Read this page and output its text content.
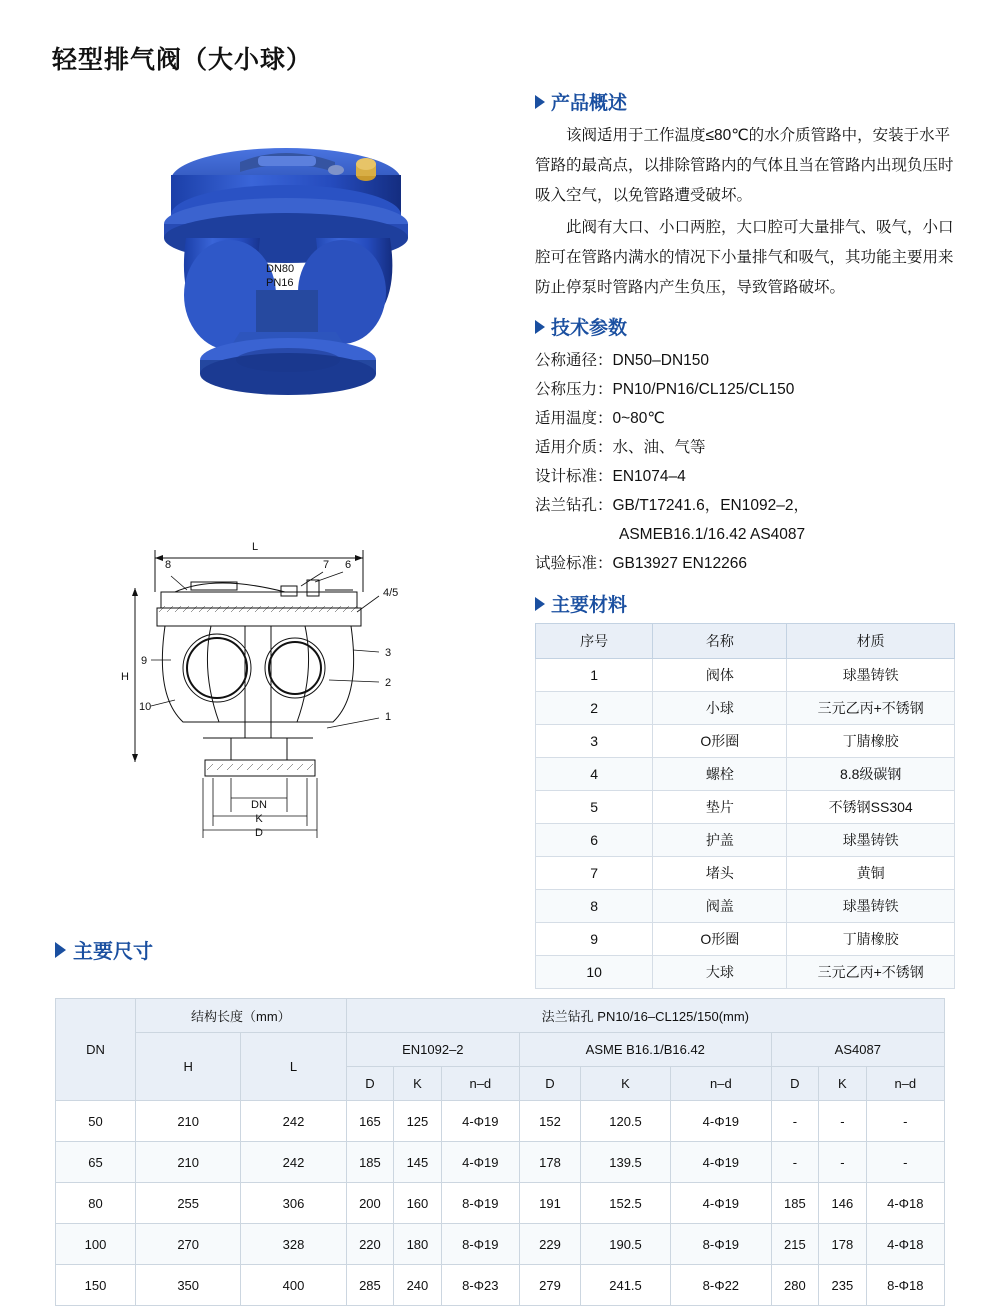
轻型排气阀（大小球）
DN80
PN16
L
H
8	7 6
4/5
3
2
1
9
10
DN
K
D
产品概述

该阀适用于工作温度≤80℃的水介质管路中，安装于水平管路的最高点，以排除管路内的气体且当在管路内出现负压时吸入空气，以免管路遭受破坏。

此阀有大口、小口两腔，大口腔可大量排气、吸气，小口腔可在管路内满水的情况下小量排气和吸气，其功能主要用来防止停泵时管路内产生负压，导致管路破坏。

技术参数
公称通径：DN50–DN150
公称压力：PN10/PN16/CL125/CL150
适用温度：0~80℃
适用介质：水、油、气等
设计标准：EN1074–4
法兰钻孔：GB/T17241.6，EN1092–2，
ASMEB16.1/16.42 AS4087
试验标准：GB13927 EN12266
主要材料
序号	名称	材质
1	阀体	球墨铸铁
2	小球	三元乙丙+不锈钢
3	O形圈	丁腈橡胶
4	螺栓	8.8级碳钢
5	垫片	不锈钢SS304
6	护盖	球墨铸铁
7	堵头	黄铜
8	阀盖	球墨铸铁
9	O形圈	丁腈橡胶
10	大球	三元乙丙+不锈钢
主要尺寸
DN	结构长度（mm）		法兰钻孔 PN10/16–CL125/150(mm)								
	H	L	EN1092–2			ASME B16.1/B16.42			AS4087		
			D	K	n–d	D	K	n–d	D	K	n–d
50	210	242	165	125	4-Φ19	152	120.5	4-Φ19	-	-	-
65	210	242	185	145	4-Φ19	178	139.5	4-Φ19	-	-	-
80	255	306	200	160	8-Φ19	191	152.5	4-Φ19	185	146	4-Φ18
100	270	328	220	180	8-Φ19	229	190.5	8-Φ19	215	178	4-Φ18
150	350	400	285	240	8-Φ23	279	241.5	8-Φ22	280	235	8-Φ18
